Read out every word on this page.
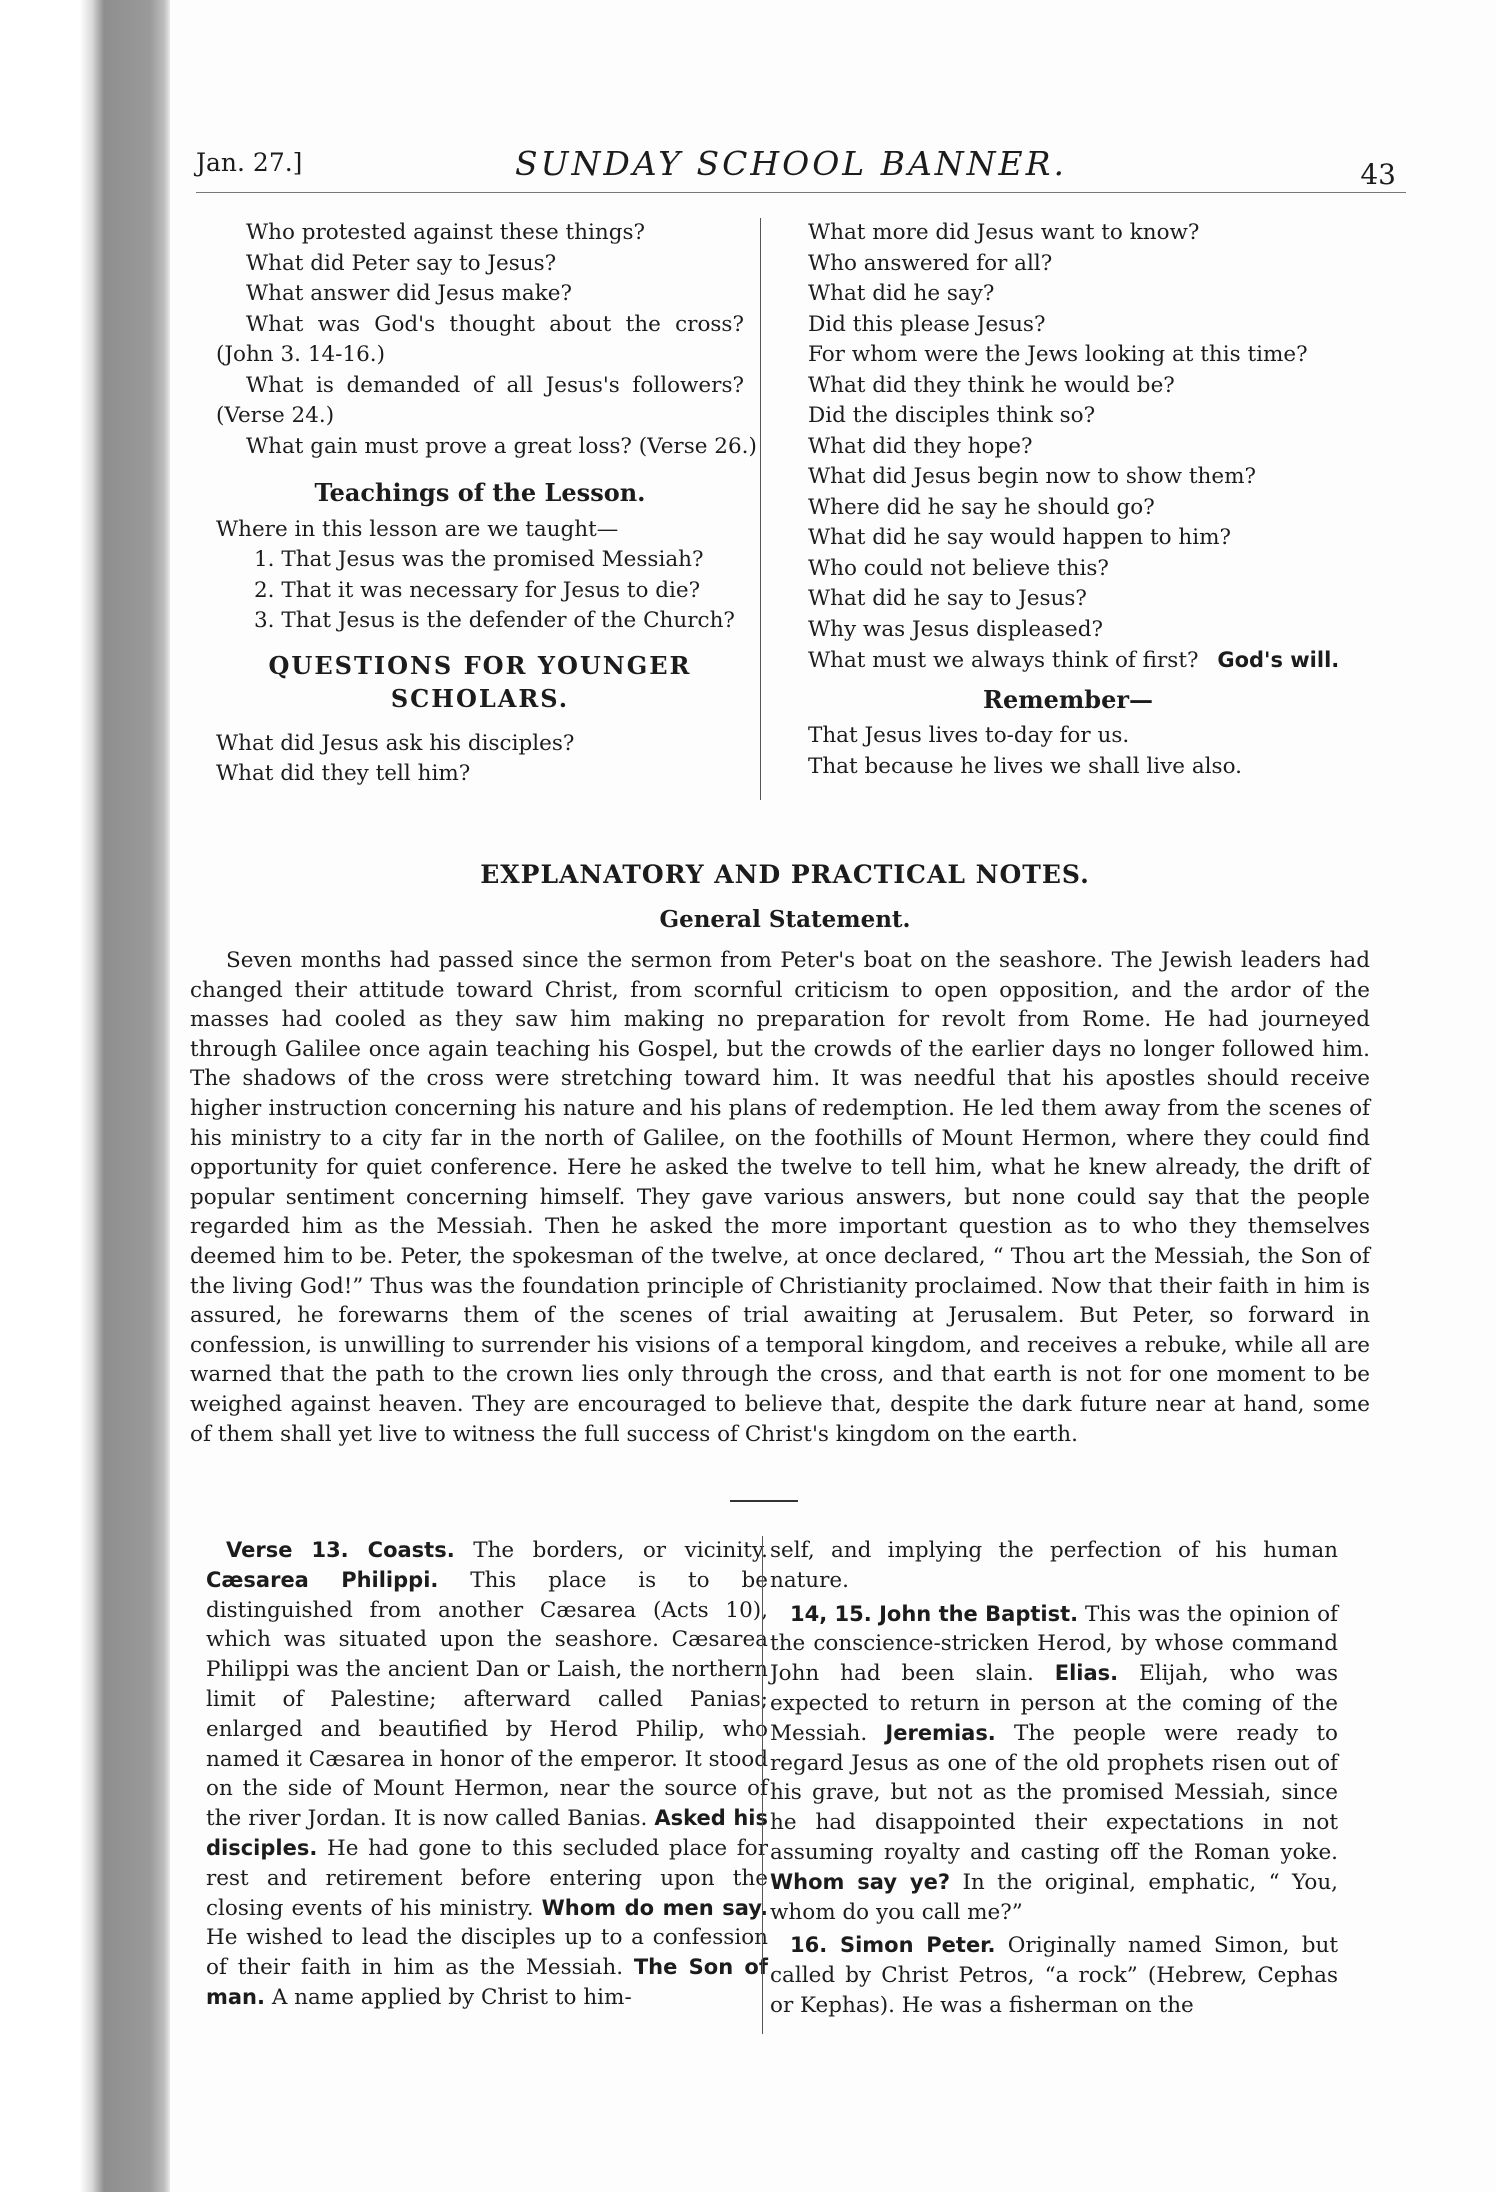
Jan. 27.]	SUNDAY SCHOOL BANNER.	43
Who protested against these things?
What did Peter say to Jesus?
What answer did Jesus make?
What was God's thought about the cross? (John 3. 14-16.)
What is demanded of all Jesus's followers? (Verse 24.)
What gain must prove a great loss? (Verse 26.)
Teachings of the Lesson.
Where in this lesson are we taught—
1. That Jesus was the promised Messiah?
2. That it was necessary for Jesus to die?
3. That Jesus is the defender of the Church?
QUESTIONS FOR YOUNGER SCHOLARS.
What did Jesus ask his disciples?
What did they tell him?
What more did Jesus want to know?
Who answered for all?
What did he say?
Did this please Jesus?
For whom were the Jews looking at this time?
What did they think he would be?
Did the disciples think so?
What did they hope?
What did Jesus begin now to show them?
Where did he say he should go?
What did he say would happen to him?
Who could not believe this?
What did he say to Jesus?
Why was Jesus displeased?
What must we always think of first? God's will.
Remember—
That Jesus lives to-day for us.
That because he lives we shall live also.
EXPLANATORY AND PRACTICAL NOTES.
General Statement.
Seven months had passed since the sermon from Peter's boat on the seashore. The Jewish leaders had changed their attitude toward Christ, from scornful criticism to open opposition, and the ardor of the masses had cooled as they saw him making no preparation for revolt from Rome. He had journeyed through Galilee once again teaching his Gospel, but the crowds of the earlier days no longer followed him. The shadows of the cross were stretching toward him. It was needful that his apostles should receive higher instruction concerning his nature and his plans of redemption. He led them away from the scenes of his ministry to a city far in the north of Galilee, on the foothills of Mount Hermon, where they could find opportunity for quiet conference. Here he asked the twelve to tell him, what he knew already, the drift of popular sentiment concerning himself. They gave various answers, but none could say that the people regarded him as the Messiah. Then he asked the more important question as to who they themselves deemed him to be. Peter, the spokesman of the twelve, at once declared, “ Thou art the Messiah, the Son of the living God!” Thus was the foundation principle of Christianity proclaimed. Now that their faith in him is assured, he forewarns them of the scenes of trial awaiting at Jerusalem. But Peter, so forward in confession, is unwilling to surrender his visions of a temporal kingdom, and receives a rebuke, while all are warned that the path to the crown lies only through the cross, and that earth is not for one moment to be weighed against heaven. They are encouraged to believe that, despite the dark future near at hand, some of them shall yet live to witness the full success of Christ's kingdom on the earth.
Verse 13. Coasts. The borders, or vicinity. Cæsarea Philippi. This place is to be distinguished from another Cæsarea (Acts 10), which was situated upon the seashore. Cæsarea Philippi was the ancient Dan or Laish, the northern limit of Palestine; afterward called Panias; enlarged and beautified by Herod Philip, who named it Cæsarea in honor of the emperor. It stood on the side of Mount Hermon, near the source of the river Jordan. It is now called Banias. Asked his disciples. He had gone to this secluded place for rest and retirement before entering upon the closing events of his ministry. Whom do men say. He wished to lead the disciples up to a confession of their faith in him as the Messiah. The Son of man. A name applied by Christ to him-

self, and implying the perfection of his human nature.

14, 15. John the Baptist. This was the opinion of the conscience-stricken Herod, by whose command John had been slain. Elias. Elijah, who was expected to return in person at the coming of the Messiah. Jeremias. The people were ready to regard Jesus as one of the old prophets risen out of his grave, but not as the promised Messiah, since he had disappointed their expectations in not assuming royalty and casting off the Roman yoke. Whom say ye? In the original, emphatic, “ You, whom do you call me?”

16. Simon Peter. Originally named Simon, but called by Christ Petros, “a rock” (Hebrew, Cephas or Kephas). He was a fisherman on the
